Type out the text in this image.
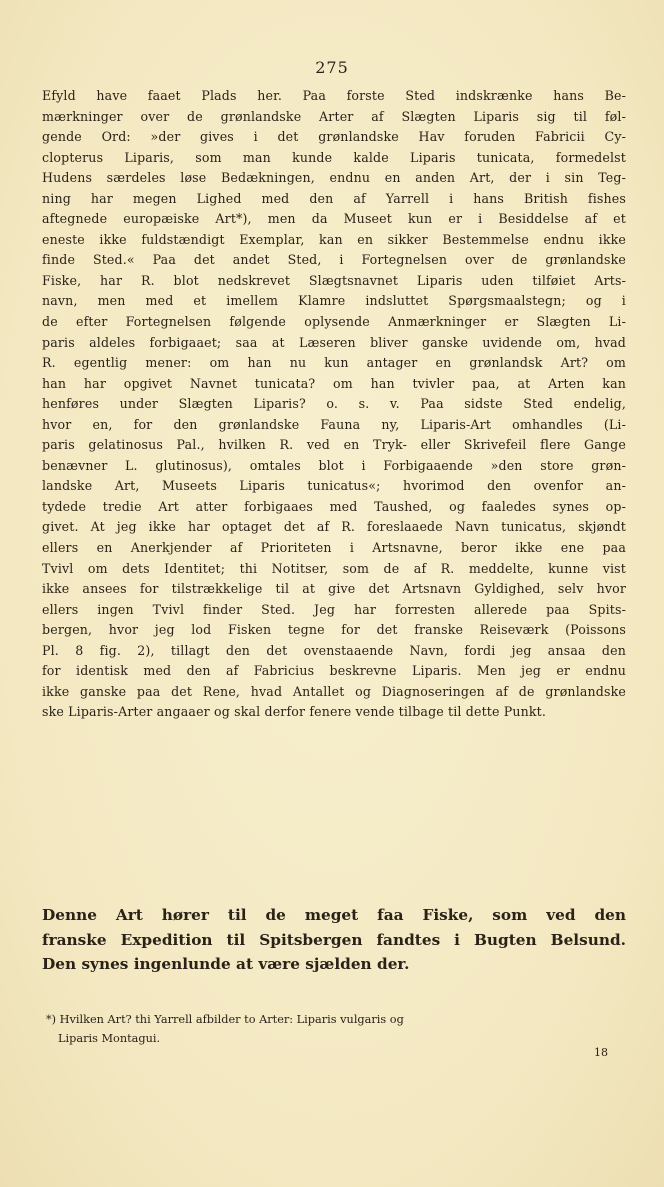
275
Efyld have faaet Plads her. Paa forste Sted indskrænke hans Be-
mærkninger over de grønlandske Arter af Slægten Liparis sig til føl-
gende Ord: »der gives i det grønlandske Hav foruden Fabricii Cy-
clopterus Liparis, som man kunde kalde Liparis tunicata, formedelst
Hudens særdeles løse Bedækningen, endnu en anden Art, der i sin Teg-
ning har megen Lighed med den af Yarrell i hans British fishes
aftegnede europæiske Art*), men da Museet kun er i Besiddelse af et
eneste ikke fuldstændigt Exemplar, kan en sikker Bestemmelse endnu ikke
finde Sted.« Paa det andet Sted, i Fortegnelsen over de grønlandske
Fiske, har R. blot nedskrevet Slægtsnavnet Liparis uden tilføiet Arts-
navn, men med et imellem Klamre indsluttet Spørgsmaalstegn; og i
de efter Fortegnelsen følgende oplysende Anmærkninger er Slægten Li-
paris aldeles forbigaaet; saa at Læseren bliver ganske uvidende om, hvad
R. egentlig mener: om han nu kun antager en grønlandsk Art? om
han har opgivet Navnet tunicata? om han tvivler paa, at Arten kan
henføres under Slægten Liparis? o. s. v. Paa sidste Sted endelig,
hvor en, for den grønlandske Fauna ny, Liparis-Art omhandles (Li-
paris gelatinosus Pal., hvilken R. ved en Tryk- eller Skrivefeil flere Gange
benævner L. glutinosus), omtales blot i Forbigaaende »den store grøn-
landske Art, Museets Liparis tunicatus«; hvorimod den ovenfor an-
tydede tredie Art atter forbigaaes med Taushed, og faaledes synes op-
givet. At jeg ikke har optaget det af R. foreslaaede Navn tunicatus, skjøndt
ellers en Anerkjender af Prioriteten i Artsnavne, beror ikke ene paa
Tvivl om dets Identitet; thi Notitser, som de af R. meddelte, kunne vist
ikke ansees for tilstrækkelige til at give det Artsnavn Gyldighed, selv hvor
ellers ingen Tvivl finder Sted. Jeg har forresten allerede paa Spits-
bergen, hvor jeg lod Fisken tegne for det franske Reiseværk (Poissons
Pl. 8 fig. 2), tillagt den det ovenstaaende Navn, fordi jeg ansaa den
for identisk med den af Fabricius beskrevne Liparis. Men jeg er endnu
ikke ganske paa det Rene, hvad Antallet og Diagnoseringen af de grønlandske
ske Liparis-Arter angaaer og skal derfor fenere vende tilbage til dette Punkt.
Denne Art hører til de meget faa Fiske, som ved den
franske Expedition til Spitsbergen fandtes i Bugten Belsund.
Den synes ingenlunde at være sjælden der.
*) Hvilken Art? thi Yarrell afbilder to Arter: Liparis vulgaris og
Liparis Montagui.
18
